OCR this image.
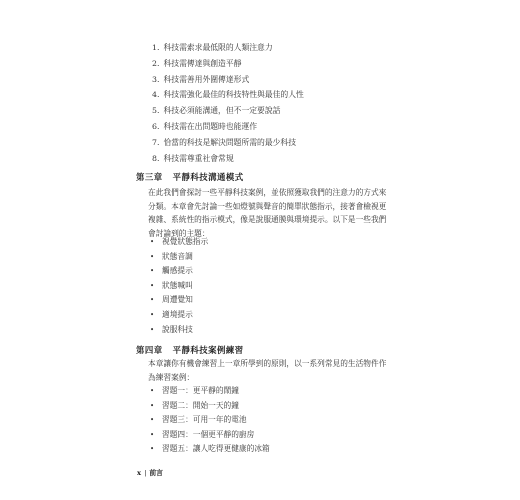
1. 科技需索求最低限的人類注意力
2. 科技需傳達與創造平靜
3. 科技需善用外圍傳達形式
4. 科技需強化最佳的科技特性與最佳的人性
5. 科技必須能溝通，但不一定要說話
6. 科技需在出問題時也能運作
7. 恰當的科技是解決問題所需的最少科技
8. 科技需尊重社會常規
第三章 平靜科技溝通模式

在此我們會探討一些平靜科技案例，並依照獲取我們的注意力的方式來分類。本章會先討論一些如燈號與聲音的簡單狀態指示，接著會檢視更複雜、系統性的指示模式，像是說服通膜與環境提示。以下是一些我們會討論到的主題：

• 視覺狀態指示
• 狀態音調
• 觸感提示
• 狀態喊叫
• 周遭覺知
• 適境提示
• 說服科技
第四章 平靜科技案例練習

本章讓你有機會練習上一章所學到的原則，以一系列常見的生活物件作為練習案例：

• 習題一：更平靜的鬧鐘
• 習題二：開始一天的鐘
• 習題三：可用一年的電池
• 習題四：一個更平靜的廚房
• 習題五：讓人吃得更健康的冰箱
x | 前言
